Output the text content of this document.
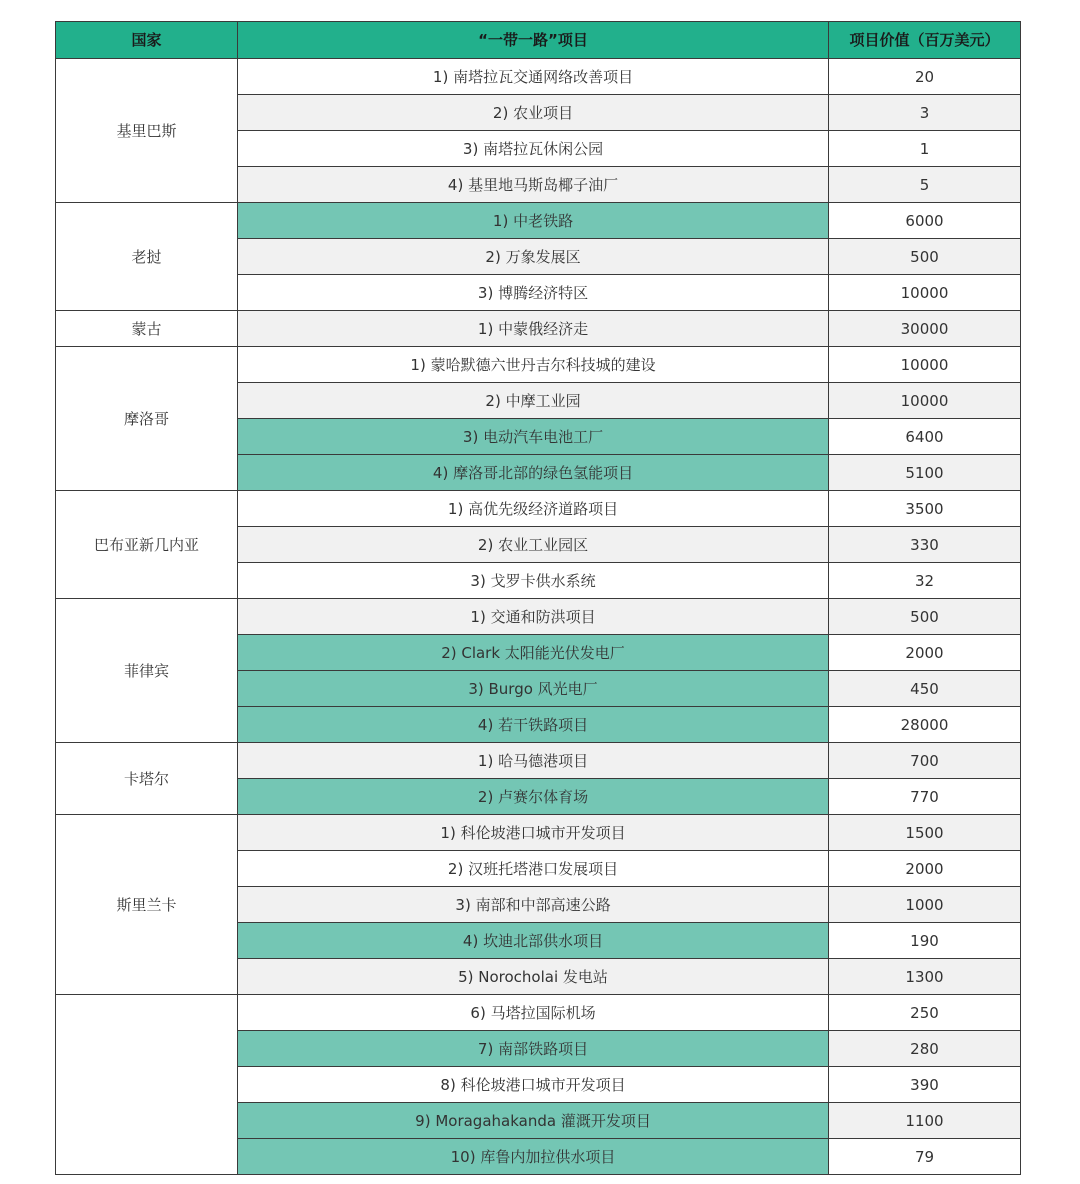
国家	“一带一路”项目	项目价值（百万美元）
基里巴斯	1) 南塔拉瓦交通网络改善项目	20
	2) 农业项目	3
	3) 南塔拉瓦休闲公园	1
	4) 基里地马斯岛椰子油厂	5
老挝	1) 中老铁路	6000
	2) 万象发展区	500
	3) 博腾经济特区	10000
蒙古	1) 中蒙俄经济走	30000
摩洛哥	1) 蒙哈默德六世丹吉尔科技城的建设	10000
	2) 中摩工业园	10000
	3) 电动汽车电池工厂	6400
	4) 摩洛哥北部的绿色氢能项目	5100
巴布亚新几内亚	1) 高优先级经济道路项目	3500
	2) 农业工业园区	330
	3) 戈罗卡供水系统	32
菲律宾	1) 交通和防洪项目	500
	2) Clark 太阳能光伏发电厂	2000
	3) Burgo 风光电厂	450
	4) 若干铁路项目	28000
卡塔尔	1) 哈马德港项目	700
	2) 卢赛尔体育场	770
斯里兰卡	1) 科伦坡港口城市开发项目	1500
	2) 汉班托塔港口发展项目	2000
	3) 南部和中部高速公路	1000
	4) 坎迪北部供水项目	190
	5) Norocholai 发电站	1300
	6) 马塔拉国际机场	250
	7) 南部铁路项目	280
	8) 科伦坡港口城市开发项目	390
	9) Moragahakanda 灌溉开发项目	1100
	10) 库鲁内加拉供水项目	79
